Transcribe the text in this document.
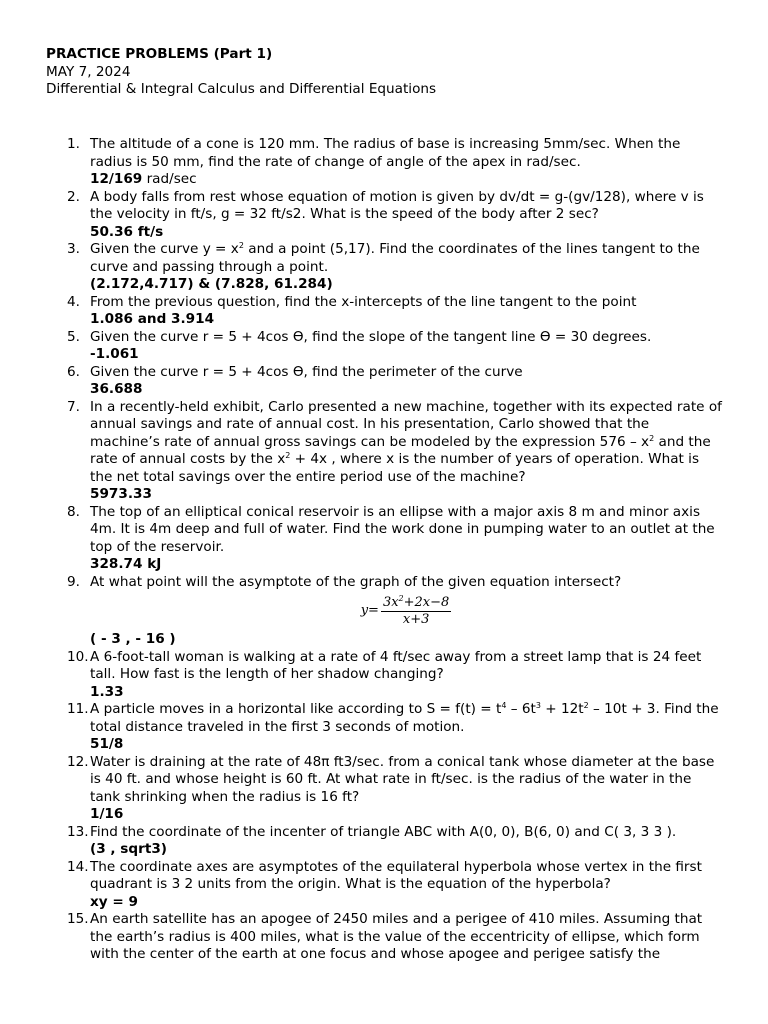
PRACTICE PROBLEMS (Part 1)
MAY 7, 2024
Differential & Integral Calculus and Differential Equations
1. The altitude of a cone is 120 mm. The radius of base is increasing 5mm/sec. When the radius is 50 mm, find the rate of change of angle of the apex in rad/sec.
12/169 rad/sec
2. A body falls from rest whose equation of motion is given by dv/dt = g-(gv/128), where v is the velocity in ft/s, g = 32 ft/s2. What is the speed of the body after 2 sec?
50.36 ft/s
3. Given the curve $y = x^2$ and a point (5,17). Find the coordinates of the lines tangent to the curve and passing through a point.
(2.172,4.717) & (7.828, 61.284)
4. From the previous question, find the x-intercepts of the line tangent to the point
1.086 and 3.914
5. Given the curve r = 5 + 4cos Ɵ, find the slope of the tangent line Ɵ = 30 degrees.
-1.061
6. Given the curve r = 5 + 4cos Ɵ, find the perimeter of the curve
36.688
7. In a recently-held exhibit, Carlo presented a new machine, together with its expected rate of annual savings and rate of annual cost. In his presentation, Carlo showed that the machine’s rate of annual gross savings can be modeled by the expression $576 - x^2$ and the rate of annual costs by the $x^2 + 4x$ , where x is the number of years of operation. What is the net total savings over the entire period use of the machine?
5973.33
8. The top of an elliptical conical reservoir is an ellipse with a major axis 8 m and minor axis 4m. It is 4m deep and full of water. Find the work done in pumping water to an outlet at the top of the reservoir.
328.74 kJ
9. At what point will the asymptote of the graph of the given equation intersect?
$y= \frac{3x^2+2x-8}{x+3}$
( - 3 , - 16 )
10. A 6-foot-tall woman is walking at a rate of 4 ft/sec away from a street lamp that is 24 feet tall. How fast is the length of her shadow changing?
1.33
11. A particle moves in a horizontal like according to $S = f(t) = t^4 - 6t^3 + 12t^2 - 10t + 3$. Find the total distance traveled in the first 3 seconds of motion.
51/8
12. Water is draining at the rate of 48π ft3/sec. from a conical tank whose diameter at the base is 40 ft. and whose height is 60 ft. At what rate in ft/sec. is the radius of the water in the tank shrinking when the radius is 16 ft?
1/16
13. Find the coordinate of the incenter of triangle ABC with A(0, 0), B(6, 0) and C( 3, 3 3 ).
(3 , sqrt3)
14. The coordinate axes are asymptotes of the equilateral hyperbola whose vertex in the first quadrant is 3 2 units from the origin. What is the equation of the hyperbola?
xy = 9
15. An earth satellite has an apogee of 2450 miles and a perigee of 410 miles. Assuming that the earth’s radius is 400 miles, what is the value of the eccentricity of ellipse, which form with the center of the earth at one focus and whose apogee and perigee satisfy the
